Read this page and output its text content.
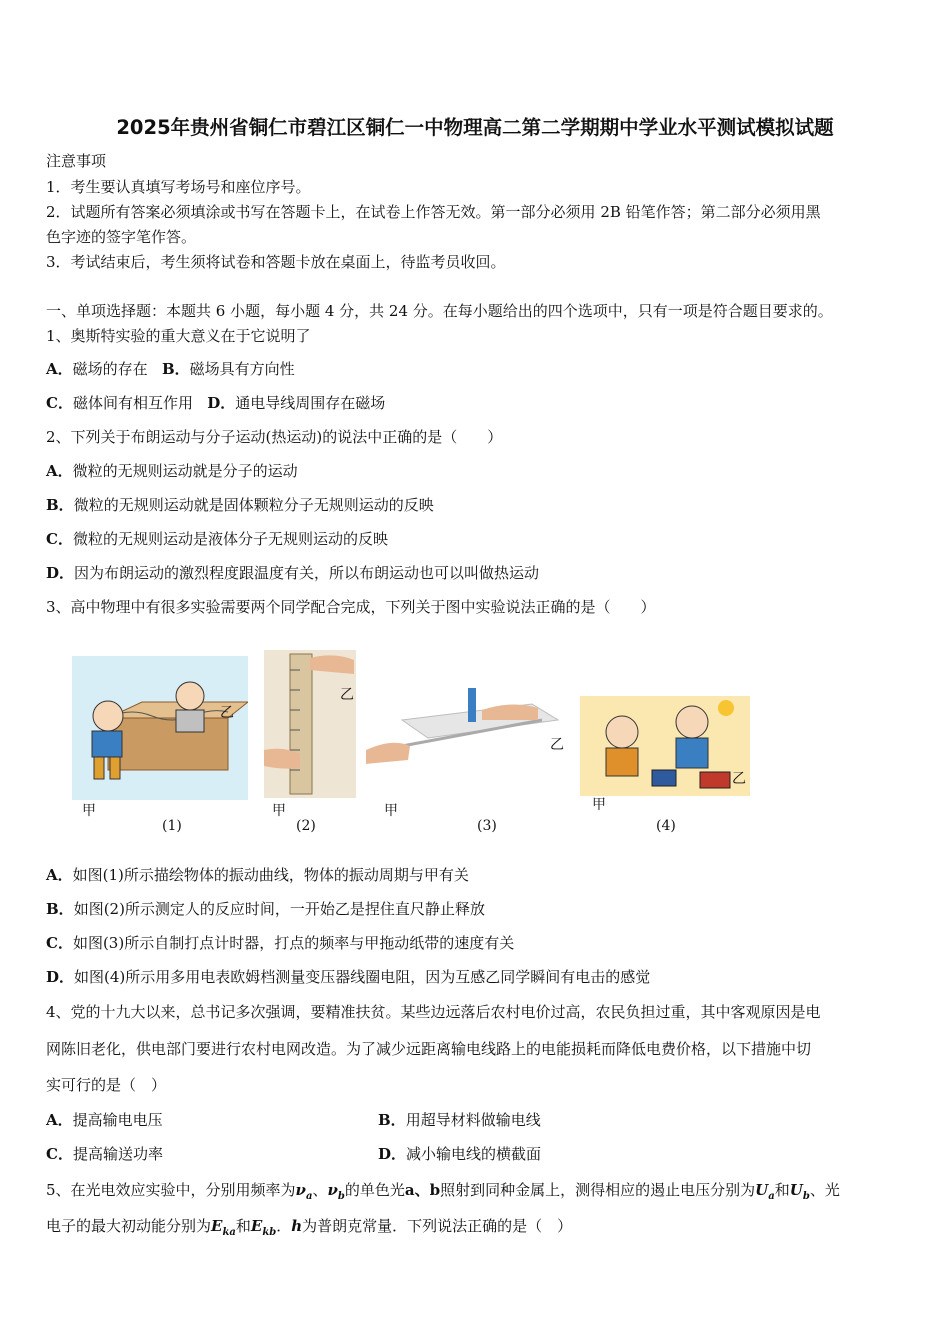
2025年贵州省铜仁市碧江区铜仁一中物理高二第二学期期中学业水平测试模拟试题
注意事项
1．考生要认真填写考场号和座位序号。
2．试题所有答案必须填涂或书写在答题卡上，在试卷上作答无效。第一部分必须用 2B 铅笔作答；第二部分必须用黑
色字迹的签字笔作答。
3．考试结束后，考生须将试卷和答题卡放在桌面上，待监考员收回。
一、单项选择题：本题共 6 小题，每小题 4 分，共 24 分。在每小题给出的四个选项中，只有一项是符合题目要求的。
1、奥斯特实验的重大意义在于它说明了
A．磁场的存在 B．磁场具有方向性
C．磁体间有相互作用 D．通电导线周围存在磁场
2、下列关于布朗运动与分子运动(热运动)的说法中正确的是（　　）
A．微粒的无规则运动就是分子的运动
B．微粒的无规则运动就是固体颗粒分子无规则运动的反映
C．微粒的无规则运动是液体分子无规则运动的反映
D．因为布朗运动的激烈程度跟温度有关，所以布朗运动也可以叫做热运动
3、高中物理中有很多实验需要两个同学配合完成，下列关于图中实验说法正确的是（　　）
乙
甲
(1)
乙
甲
(2)
乙
甲
(3)
乙
甲
(4)
A．如图(1)所示描绘物体的振动曲线，物体的振动周期与甲有关
B．如图(2)所示测定人的反应时间，一开始乙是捏住直尺静止释放
C．如图(3)所示自制打点计时器，打点的频率与甲拖动纸带的速度有关
D．如图(4)所示用多用电表欧姆档测量变压器线圈电阻，因为互感乙同学瞬间有电击的感觉
4、党的十九大以来，总书记多次强调，要精准扶贫。某些边远落后农村电价过高，农民负担过重，其中客观原因是电
网陈旧老化，供电部门要进行农村电网改造。为了减少远距离输电线路上的电能损耗而降低电费价格，以下措施中切
实可行的是（　）
A．提高输电电压	B．用超导材料做输电线
C．提高输送功率	D．减小输电线的横截面
5、在光电效应实验中，分别用频率为$\nu_a$、$\nu_b$的单色光a、b照射到同种金属上，测得相应的遏止电压分别为$U_a$和$U_b$、光
电子的最大初动能分别为$E_{ka}$和$E_{kb}$．h为普朗克常量．下列说法正确的是（　）
